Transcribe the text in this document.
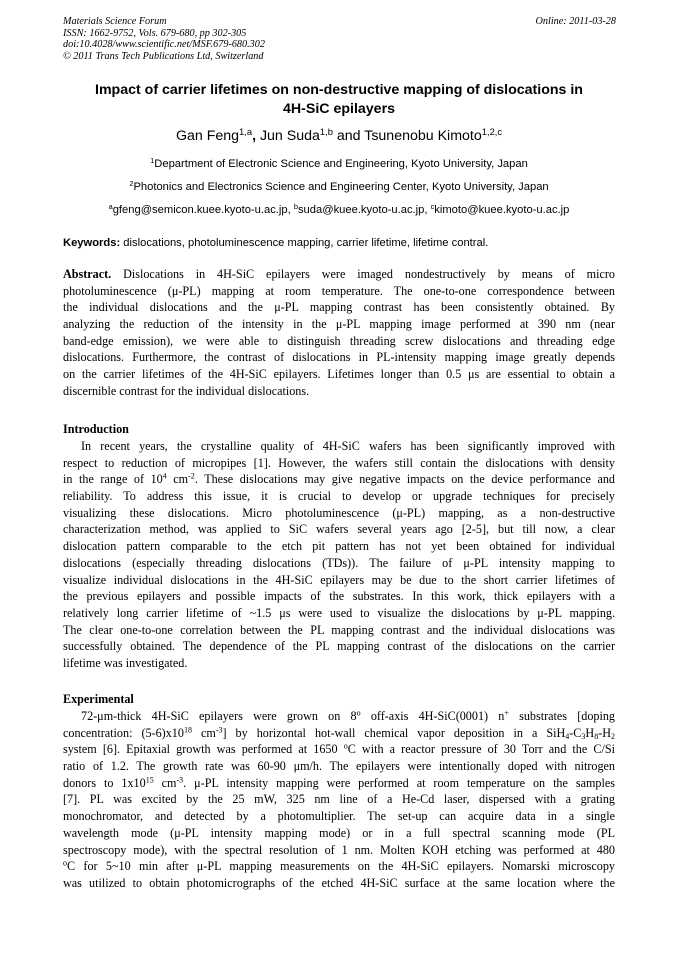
Materials Science Forum
ISSN: 1662-9752, Vols. 679-680, pp 302-305
doi:10.4028/www.scientific.net/MSF.679-680.302
© 2011 Trans Tech Publications Ltd, Switzerland
Online: 2011-03-28
Impact of carrier lifetimes on non-destructive mapping of dislocations in
4H-SiC epilayers
Gan Feng$^{1,a}$, Jun Suda$^{1,b}$ and Tsunenobu Kimoto$^{1,2,c}$
$^1$Department of Electronic Science and Engineering, Kyoto University, Japan
$^2$Photonics and Electronics Science and Engineering Center, Kyoto University, Japan
$^a$gfeng@semicon.kuee.kyoto-u.ac.jp, $^b$suda@kuee.kyoto-u.ac.jp, $^c$kimoto@kuee.kyoto-u.ac.jp
Keywords: dislocations, photoluminescence mapping, carrier lifetime, lifetime contral.
Abstract. Dislocations in 4H-SiC epilayers were imaged nondestructively by means of micro
photoluminescence (μ-PL) mapping at room temperature. The one-to-one correspondence between
the individual dislocations and the μ-PL mapping contrast has been consistently obtained. By
analyzing the reduction of the intensity in the μ-PL mapping image performed at 390 nm (near
band-edge emission), we were able to distinguish threading screw dislocations and threading edge
dislocations. Furthermore, the contrast of dislocations in PL-intensity mapping image greatly depends
on the carrier lifetimes of the 4H-SiC epilayers. Lifetimes longer than 0.5 μs are essential to obtain a
discernible contrast for the individual dislocations.
Introduction
In recent years, the crystalline quality of 4H-SiC wafers has been significantly improved with
respect to reduction of micropipes [1]. However, the wafers still contain the dislocations with density
in the range of $10^4$ $cm^{-2}$. These dislocations may give negative impacts on the device performance and
reliability. To address this issue, it is crucial to develop or upgrade techniques for precisely
visualizing these dislocations. Micro photoluminescence (μ-PL) mapping, as a non-destructive
characterization method, was applied to SiC wafers several years ago [2-5], but till now, a clear
dislocation pattern comparable to the etch pit pattern has not yet been obtained for individual
dislocations (especially threading dislocations (TDs)). The failure of μ-PL intensity mapping to
visualize individual dislocations in the 4H-SiC epilayers may be due to the short carrier lifetimes of
the previous epilayers and possible impacts of the substrates. In this work, thick epilayers with a
relatively long carrier lifetime of ~1.5 μs were used to visualize the dislocations by μ-PL mapping.
The clear one-to-one correlation between the PL mapping contrast and the individual dislocations was
successfully obtained. The dependence of the PL mapping contrast of the dislocations on the carrier
lifetime was investigated.
Experimental
72-μm-thick 4H-SiC epilayers were grown on 8$^o$ off-axis 4H-SiC(0001) n+ substrates [doping
concentration: $(5-6)x10^{18}$ $cm^{-3}$] by horizontal hot-wall chemical vapor deposition in a $SiH_4-C_3H_8-H_2$
system [6]. Epitaxial growth was performed at 1650 $^o$C with a reactor pressure of 30 Torr and the C/Si
ratio of 1.2. The growth rate was 60-90 μm/h. The epilayers were intentionally doped with nitrogen
donors to $1x10^{15}$ $cm^{-3}$. μ-PL intensity mapping were performed at room temperature on the samples
[7]. PL was excited by the 25 mW, 325 nm line of a He-Cd laser, dispersed with a grating
monochromator, and detected by a photomultiplier. The set-up can acquire data in a single
wavelength mode (μ-PL intensity mapping mode) or in a full spectral scanning mode (PL
spectroscopy mode), with the spectral resolution of 1 nm. Molten KOH etching was performed at 480
$^o$C for 5~10 min after μ-PL mapping measurements on the 4H-SiC epilayers. Nomarski microscopy
was utilized to obtain photomicrographs of the etched 4H-SiC surface at the same location where the
